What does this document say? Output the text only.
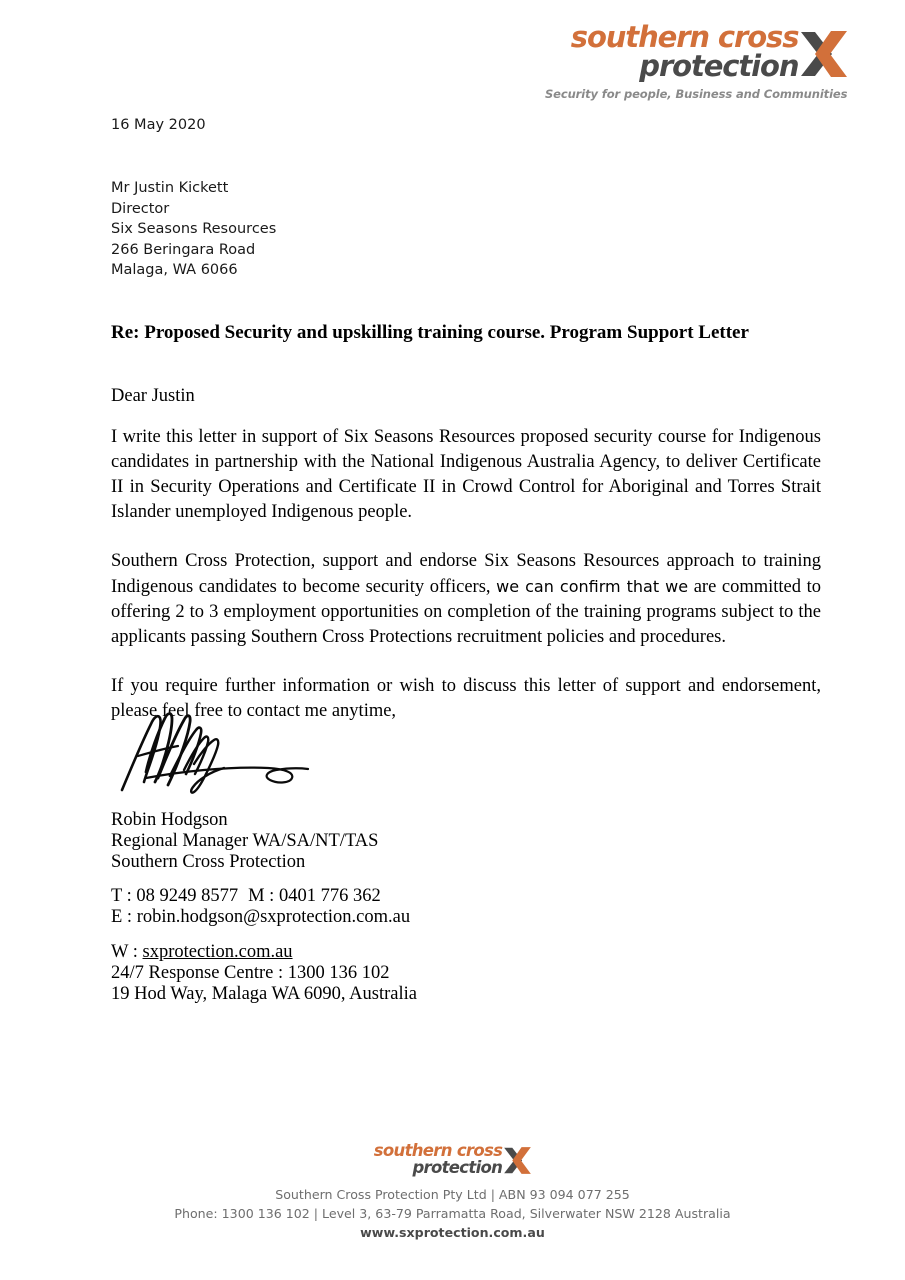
southern cross
protection
Security for people, Business and Communities
16 May 2020
Mr Justin Kickett
Director
Six Seasons Resources
266 Beringara Road
Malaga, WA 6066
Re: Proposed Security and upskilling training course. Program Support Letter
Dear Justin

I write this letter in support of Six Seasons Resources proposed security course for Indigenous candidates in partnership with the National Indigenous Australia Agency, to deliver Certificate II in Security Operations and Certificate II in Crowd Control for Aboriginal and Torres Strait Islander unemployed Indigenous people.

Southern Cross Protection, support and endorse Six Seasons Resources approach to training Indigenous candidates to become security officers, we can confirm that we are committed to offering 2 to 3 employment opportunities on completion of the training programs subject to the applicants passing Southern Cross Protections recruitment policies and procedures.

If you require further information or wish to discuss this letter of support and endorsement, please feel free to contact me anytime,

Robin Hodgson
Regional Manager WA/SA/NT/TAS
Southern Cross Protection
T : 08 9249 8577 M : 0401 776 362
E : robin.hodgson@sxprotection.com.au
W : sxprotection.com.au
24/7 Response Centre : 1300 136 102
19 Hod Way, Malaga WA 6090, Australia
southern cross
protection
Southern Cross Protection Pty Ltd | ABN 93 094 077 255
Phone: 1300 136 102 | Level 3, 63-79 Parramatta Road, Silverwater NSW 2128 Australia
www.sxprotection.com.au
